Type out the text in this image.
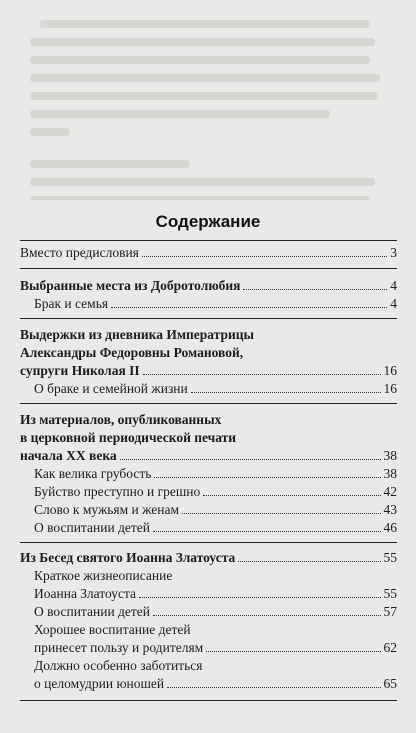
Содержание
Вместо предисловия	3
Выбранные места из Добротолюбия	4
Брак и семья	4
Выдержки из дневника Императрицы
Александры Федоровны Романовой,
супруги Николая II	16
О браке и семейной жизни	16
Из материалов, опубликованных
в церковной периодической печати
начала XX века	38
Как велика грубость	38
Буйство преступно и грешно	42
Слово к мужьям и женам	43
О воспитании детей	46
Из Бесед святого Иоанна Златоуста	55
Краткое жизнеописание
Иоанна Златоуста	55
О воспитании детей	57
Хорошее воспитание детей
принесет пользу и родителям	62
Должно особенно заботиться
о целомудрии юношей	65
